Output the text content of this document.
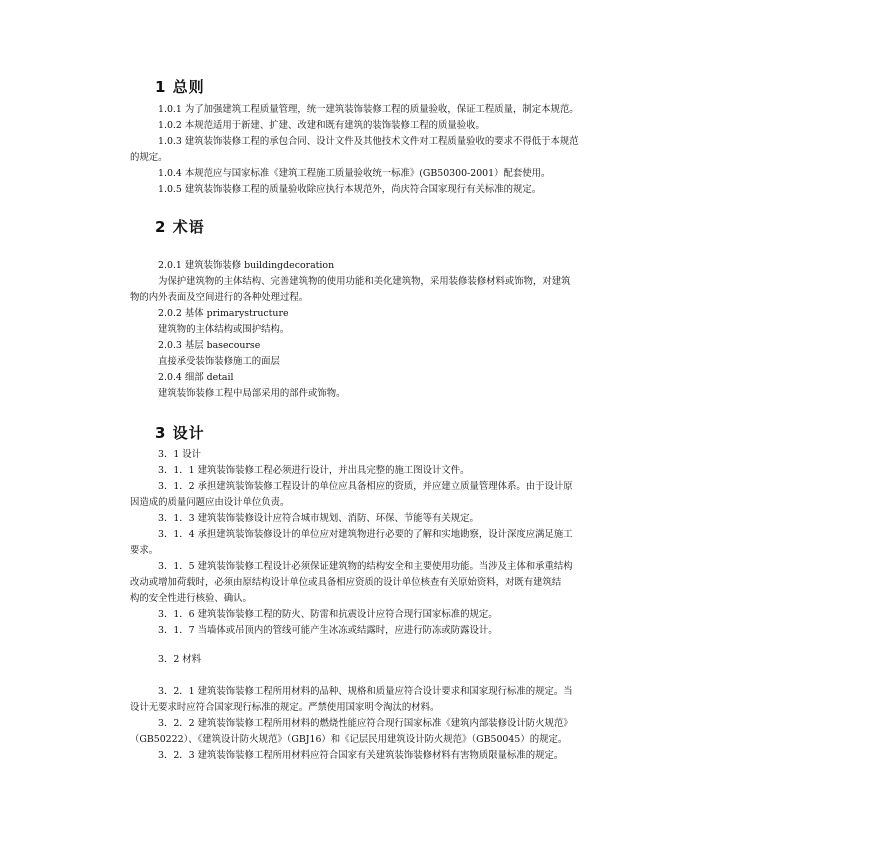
1 总则
1.0.1 为了加强建筑工程质量管理，统一建筑装饰装修工程的质量验收，保证工程质量，制定本规范。
1.0.2 本规范适用于新建、扩建、改建和既有建筑的装饰装修工程的质量验收。
1.0.3 建筑装饰装修工程的承包合同、设计文件及其他技术文件对工程质量验收的要求不得低于本规范
的规定。
1.0.4 本规范应与国家标准《建筑工程施工质量验收统一标准》(GB50300-2001）配套使用。
1.0.5 建筑装饰装修工程的质量验收除应执行本规范外，尚庆符合国家现行有关标准的规定。
2 术语
2.0.1 建筑装饰装修 buildingdecoration
为保护建筑物的主体结构、完善建筑物的使用功能和美化建筑物，采用装修装修材料或饰物，对建筑
物的内外表面及空间进行的各种处理过程。
2.0.2 基体 primarystructure
建筑物的主体结构或围护结构。
2.0.3 基层 basecourse
直接承受装饰装修施工的面层
2.0.4 细部 detail
建筑装饰装修工程中局部采用的部件或饰物。
3 设计
3．1 设计
3．1．1 建筑装饰装修工程必须进行设计，并出具完整的施工图设计文件。
3．1．2 承担建筑装饰装修工程设计的单位应具备相应的资质，并应建立质量管理体系。由于设计原
因造成的质量问题应由设计单位负责。
3．1．3 建筑装饰装修设计应符合城市规划、消防、环保、节能等有关规定。
3．1．4 承担建筑装饰装修设计的单位应对建筑物进行必要的了解和实地勘察，设计深度应满足施工
要求。
3．1．5 建筑装饰装修工程设计必须保证建筑物的结构安全和主要使用功能。当涉及主体和承重结构
改动或增加荷载时，必须由原结构设计单位或具备相应资质的设计单位核查有关原始资料，对既有建筑结
构的安全性进行核验、确认。
3．1．6 建筑装饰装修工程的防火、防雷和抗震设计应符合现行国家标准的规定。
3．1．7 当墙体或吊顶内的管线可能产生冰冻或结露时，应进行防冻或防露设计。
3．2 材料
3．2．1 建筑装饰装修工程所用材料的品种、规格和质量应符合设计要求和国家现行标准的规定。当
设计无要求时应符合国家现行标准的规定。严禁使用国家明令淘汰的材料。
3．2．2 建筑装饰装修工程所用材料的燃烧性能应符合现行国家标准《建筑内部装修设计防火规范》
（GB50222）、《建筑设计防火规范》（GBJ16）和《记层民用建筑设计防火规范》（GB50045）的规定。
3．2．3 建筑装饰装修工程所用材料应符合国家有关建筑装饰装修材料有害物质限量标准的规定。
